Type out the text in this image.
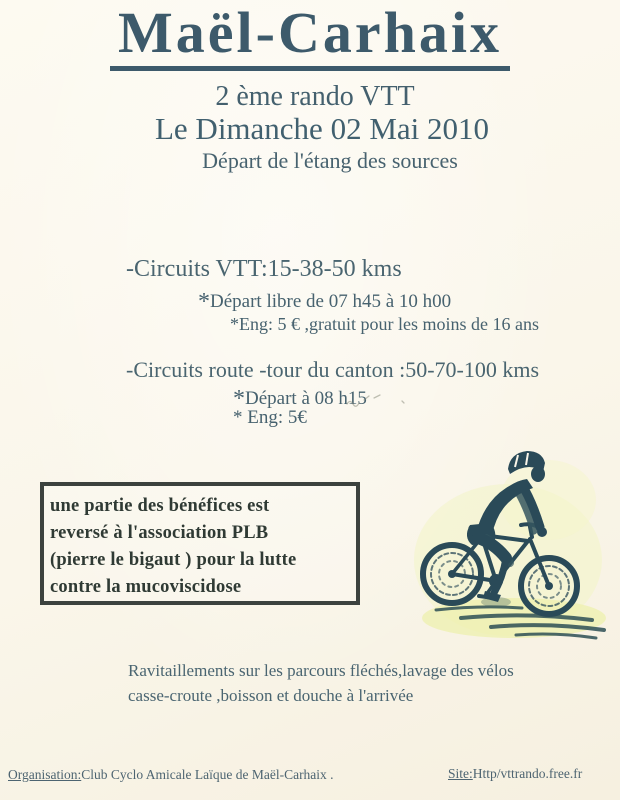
Maël-Carhaix
2 ème rando VTT
Le Dimanche 02 Mai 2010
Départ de l'étang des sources
-Circuits VTT:15-38-50 kms
*Départ libre de 07 h45 à 10 h00
*Eng: 5 € ,gratuit pour les moins de 16 ans
-Circuits route -tour du canton :50-70-100 kms
*Départ à 08 h15
* Eng: 5€
une partie des bénéfices est
reversé à l'association PLB
(pierre le bigaut ) pour la lutte
contre la mucoviscidose
Ravitaillements sur les parcours fléchés,lavage des vélos
casse-croute ,boisson et douche à l'arrivée
Organisation:Club Cyclo Amicale Laïque de Maël-Carhaix .	Site:Http/vttrando.free.fr
